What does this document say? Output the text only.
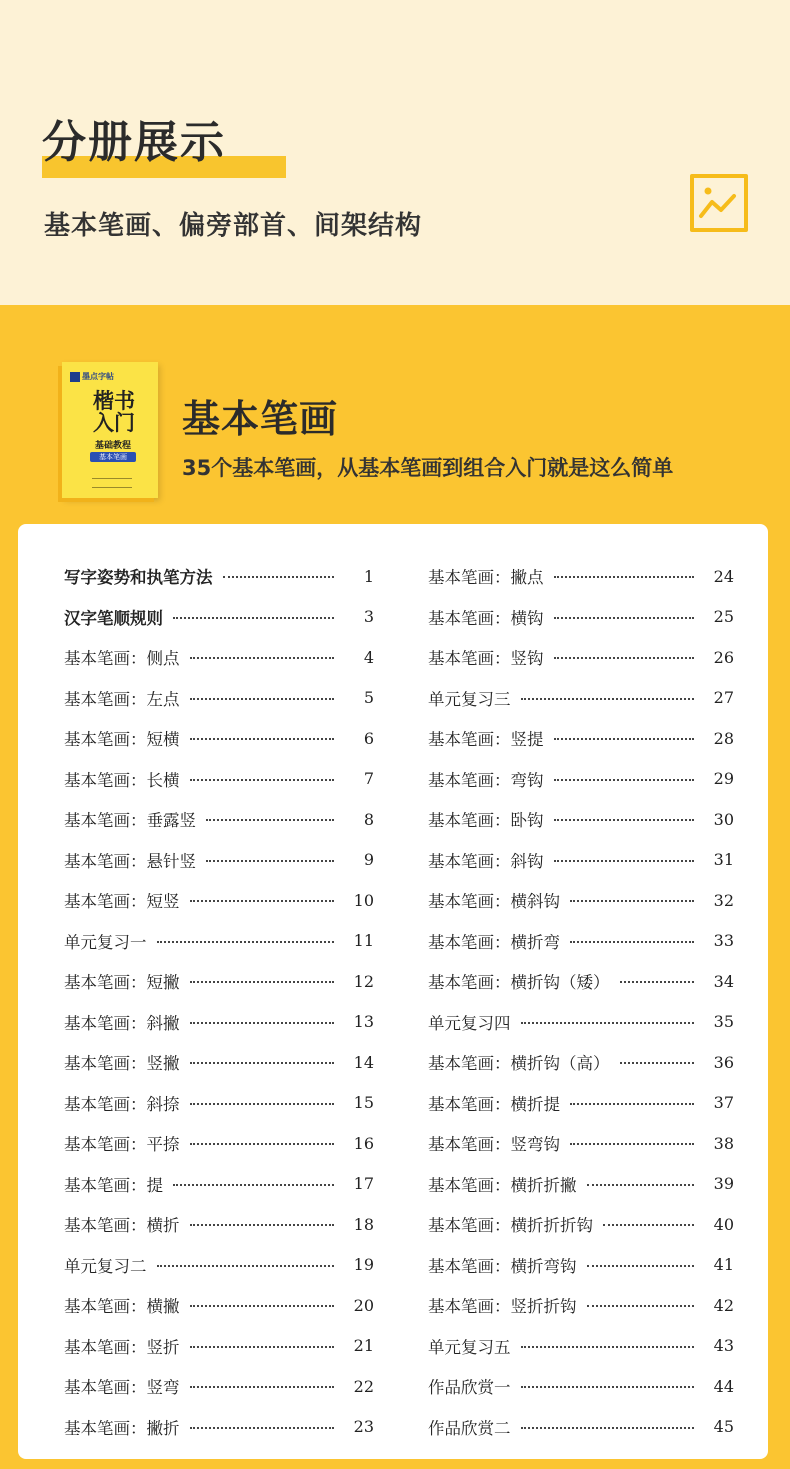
分册展示
基本笔画、偏旁部首、间架结构
墨点字帖
楷书
入门
基础教程
基本笔画
基本笔画
35个基本笔画，从基本笔画到组合入门就是这么简单
写字姿势和执笔方法	1
汉字笔顺规则	3
基本笔画：侧点	4
基本笔画：左点	5
基本笔画：短横	6
基本笔画：长横	7
基本笔画：垂露竖	8
基本笔画：悬针竖	9
基本笔画：短竖	10
单元复习一	11
基本笔画：短撇	12
基本笔画：斜撇	13
基本笔画：竖撇	14
基本笔画：斜捺	15
基本笔画：平捺	16
基本笔画：提	17
基本笔画：横折	18
单元复习二	19
基本笔画：横撇	20
基本笔画：竖折	21
基本笔画：竖弯	22
基本笔画：撇折	23
基本笔画：撇点	24
基本笔画：横钩	25
基本笔画：竖钩	26
单元复习三	27
基本笔画：竖提	28
基本笔画：弯钩	29
基本笔画：卧钩	30
基本笔画：斜钩	31
基本笔画：横斜钩	32
基本笔画：横折弯	33
基本笔画：横折钩（矮）	34
单元复习四	35
基本笔画：横折钩（高）	36
基本笔画：横折提	37
基本笔画：竖弯钩	38
基本笔画：横折折撇	39
基本笔画：横折折折钩	40
基本笔画：横折弯钩	41
基本笔画：竖折折钩	42
单元复习五	43
作品欣赏一	44
作品欣赏二	45
